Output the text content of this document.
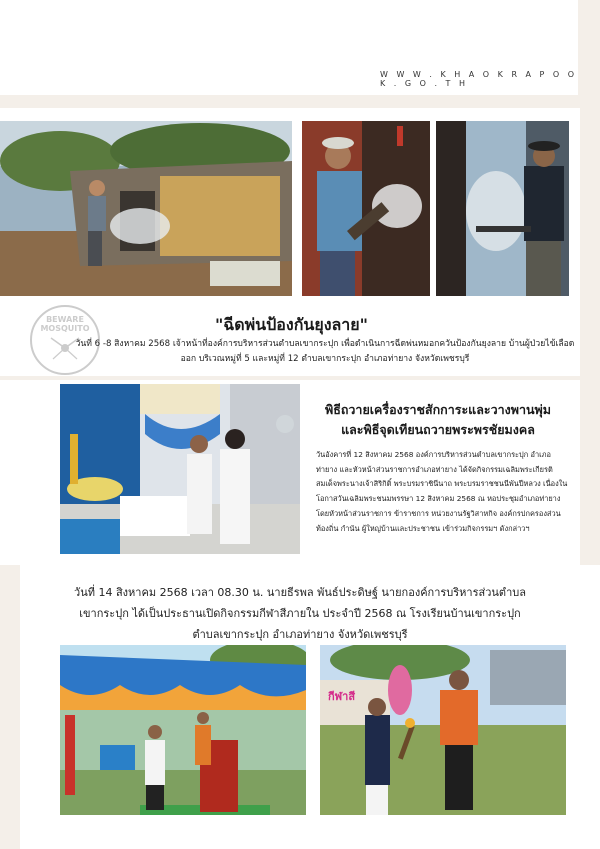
W W W . K H A O K R A P O O K . G O . T H
BEWARE
MOSQUITO	"ฉีดพ่นป้องกันยุงลาย"
วันที่ 6 -8 สิงหาคม 2568 เจ้าหน้าที่องค์การบริหารส่วนตำบลเขากระปุก เพื่อดำเนินการฉีดพ่นหมอกควันป้องกันยุงลาย บ้านผู้ป่วยไข้เลือดออก บริเวณหมู่ที่ 5 และหมู่ที่ 12 ตำบลเขากระปุก อำเภอท่ายาง จังหวัดเพชรบุรี
พิธีถวายเครื่องราชสักการะและวางพานพุ่ม และพิธีจุดเทียนถวายพระพรชัยมงคล
วันอังคารที่ 12 สิงหาคม 2568 องค์การบริหารส่วนตำบลเขากระปุก อำเภอท่ายาง และหัวหน้าส่วนราชการอำเภอท่ายาง ได้จัดกิจกรรมเฉลิมพระเกียรติสมเด็จพระนางเจ้าสิริกิติ์ พระบรมราชินีนาถ พระบรมราชชนนีพันปีหลวง เนื่องในโอกาสวันเฉลิมพระชนมพรรษา 12 สิงหาคม 2568 ณ หอประชุมอำเภอท่ายาง โดยหัวหน้าส่วนราชการ ข้าราชการ หน่วยงานรัฐวิสาหกิจ องค์กรปกครองส่วนท้องถิ่น กำนัน ผู้ใหญ่บ้านและประชาชน เข้าร่วมกิจกรรมฯ ดังกล่าวฯ
วันที่ 14 สิงหาคม 2568 เวลา 08.30 น. นายธีรพล พันธ์ประดิษฐ์ นายกองค์การบริหารส่วนตำบลเขากระปุก ได้เป็นประธานเปิดกิจกรรมกีฬาสีภายใน ประจำปี 2568 ณ โรงเรียนบ้านเขากระปุก ตำบลเขากระปุก อำเภอท่ายาง จังหวัดเพชรบุรี
กีฬาสี
